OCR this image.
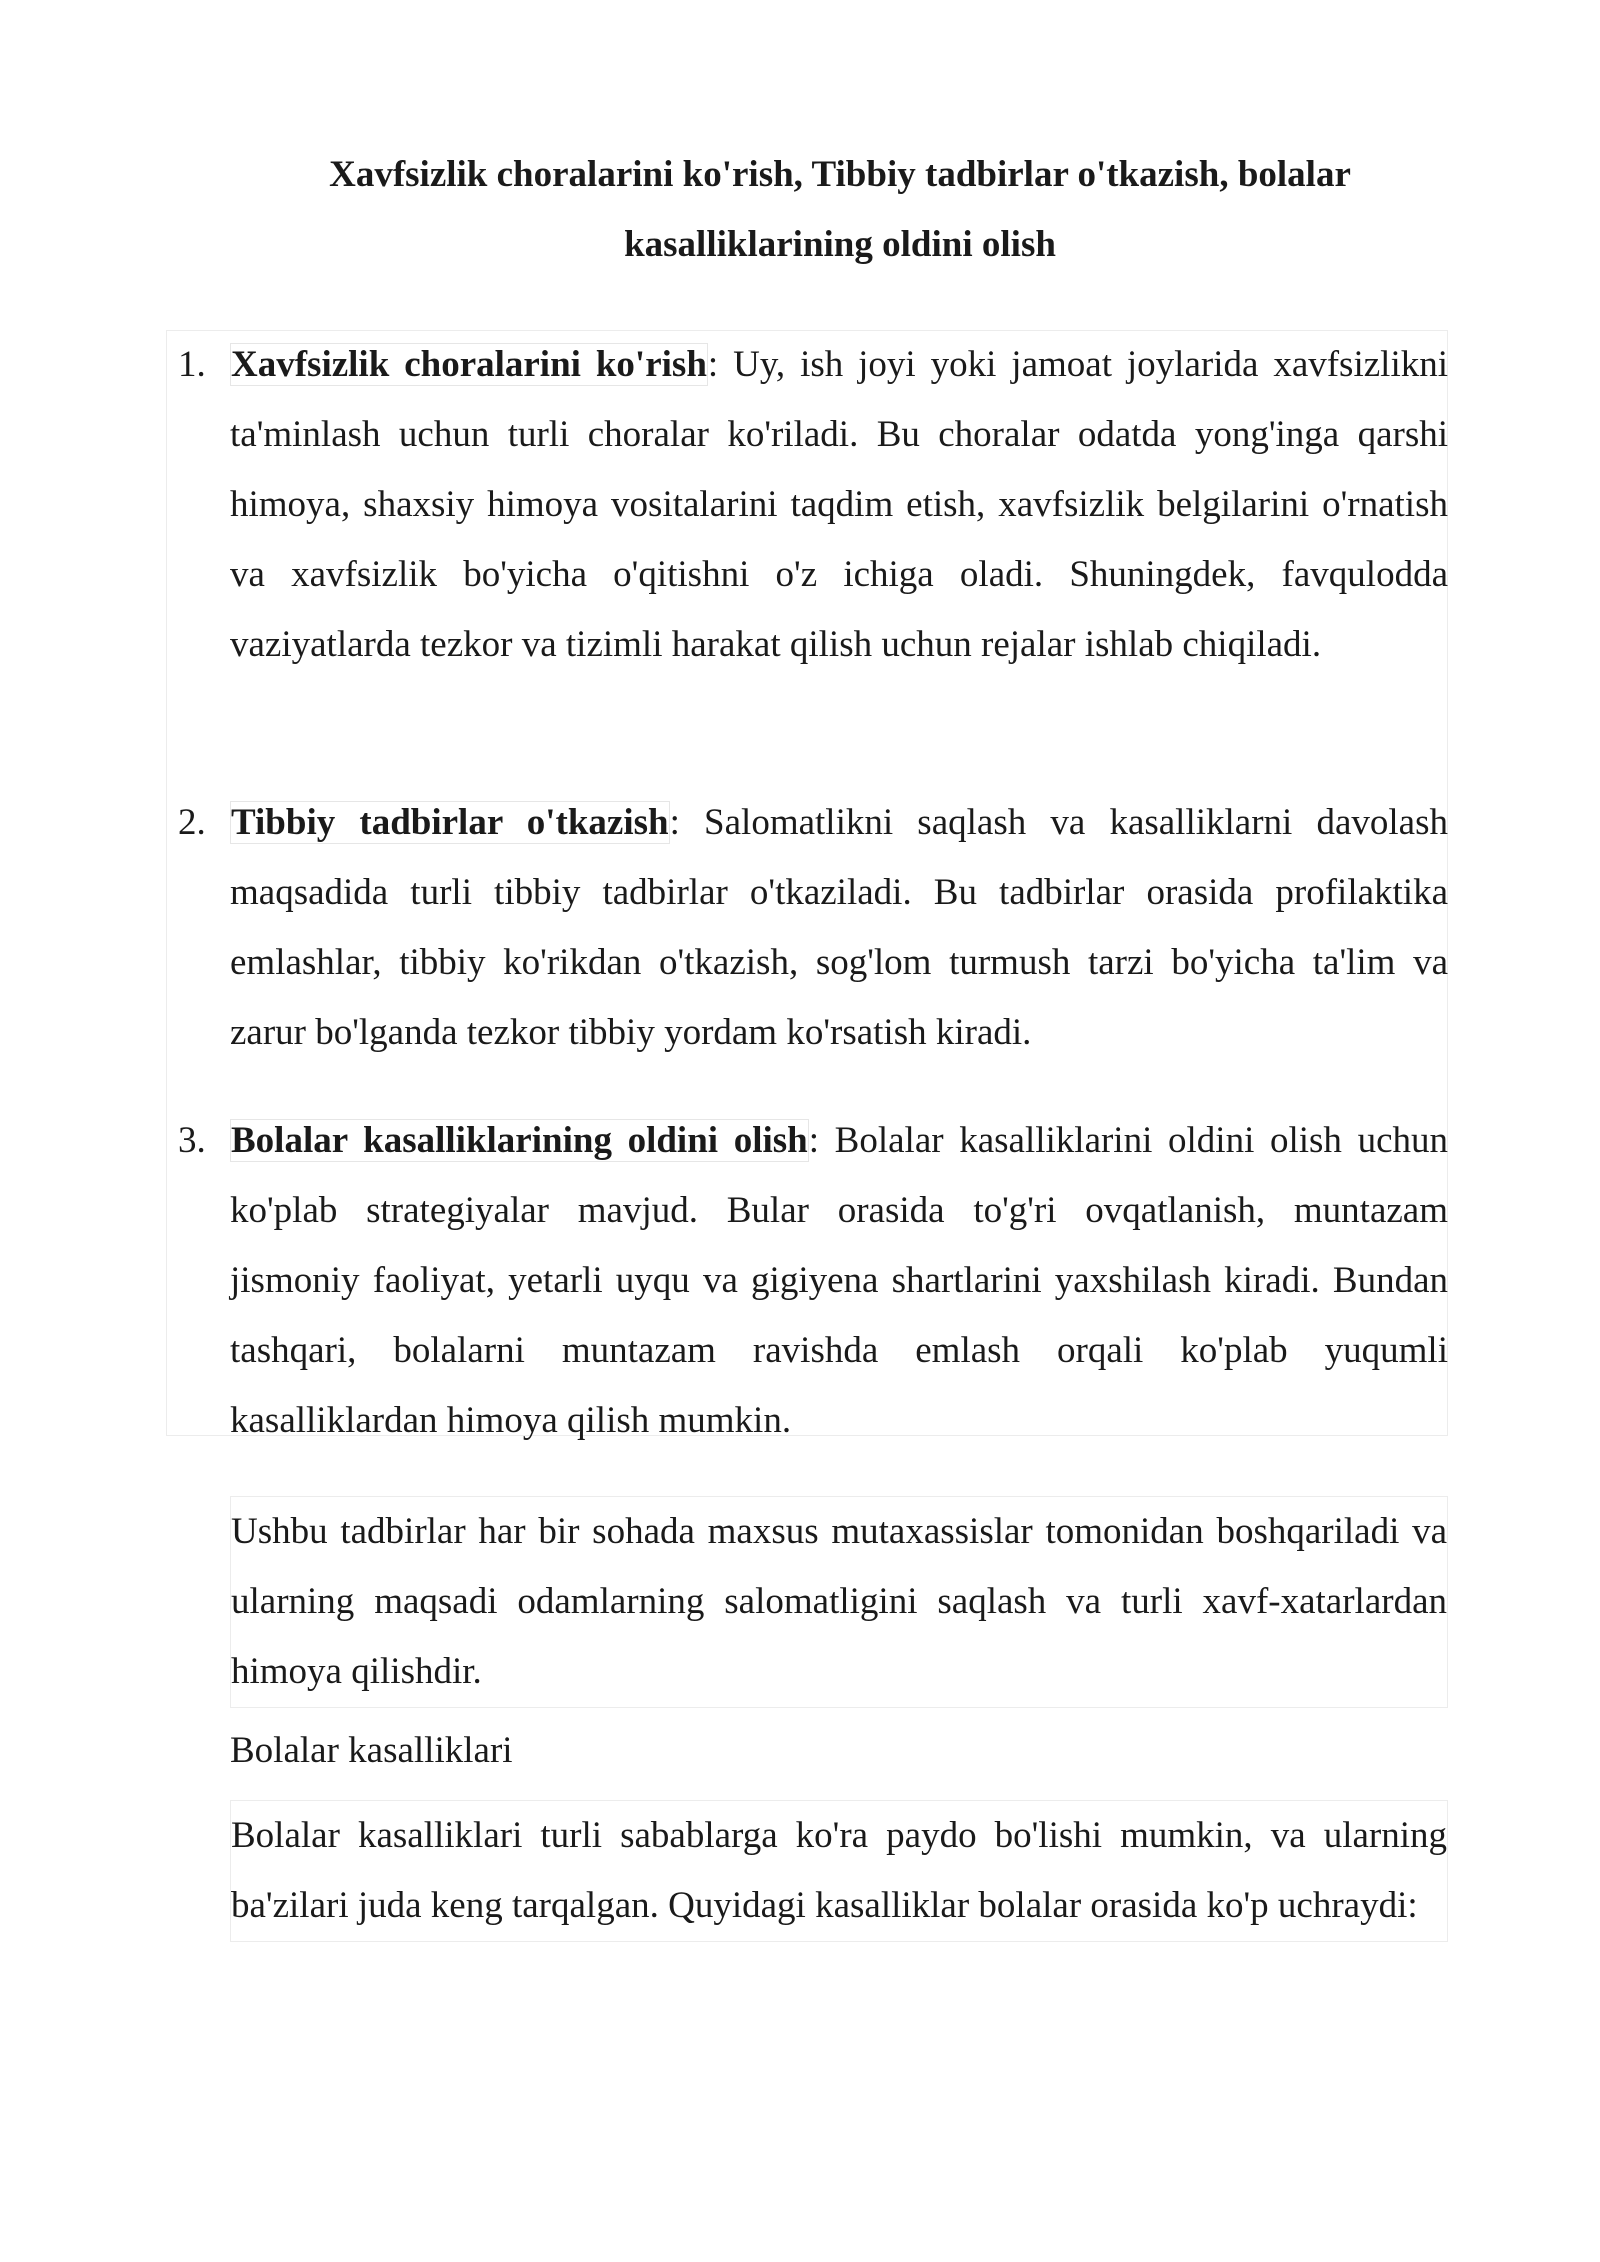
Xavfsizlik choralarini ko'rish, Tibbiy tadbirlar o'tkazish, bolalar kasalliklarining oldini olish
1. Xavfsizlik choralarini ko'rish: Uy, ish joyi yoki jamoat joylarida xavfsizlikni ta'minlash uchun turli choralar ko'riladi. Bu choralar odatda yong'inga qarshi himoya, shaxsiy himoya vositalarini taqdim etish, xavfsizlik belgilarini o'rnatish va xavfsizlik bo'yicha o'qitishni o'z ichiga oladi. Shuningdek, favqulodda vaziyatlarda tezkor va tizimli harakat qilish uchun rejalar ishlab chiqiladi.

2. Tibbiy tadbirlar o'tkazish: Salomatlikni saqlash va kasalliklarni davolash maqsadida turli tibbiy tadbirlar o'tkaziladi. Bu tadbirlar orasida profilaktika emlashlar, tibbiy ko'rikdan o'tkazish, sog'lom turmush tarzi bo'yicha ta'lim va zarur bo'lganda tezkor tibbiy yordam ko'rsatish kiradi.

3. Bolalar kasalliklarining oldini olish: Bolalar kasalliklarini oldini olish uchun ko'plab strategiyalar mavjud. Bular orasida to'g'ri ovqatlanish, muntazam jismoniy faoliyat, yetarli uyqu va gigiyena shartlarini yaxshilash kiradi. Bundan tashqari, bolalarni muntazam ravishda emlash orqali ko'plab yuqumli kasalliklardan himoya qilish mumkin.

Ushbu tadbirlar har bir sohada maxsus mutaxassislar tomonidan boshqariladi va ularning maqsadi odamlarning salomatligini saqlash va turli xavf-xatarlardan himoya qilishdir.

Bolalar kasalliklari

Bolalar kasalliklari turli sabablarga ko'ra paydo bo'lishi mumkin, va ularning ba'zilari juda keng tarqalgan. Quyidagi kasalliklar bolalar orasida ko'p uchraydi:
